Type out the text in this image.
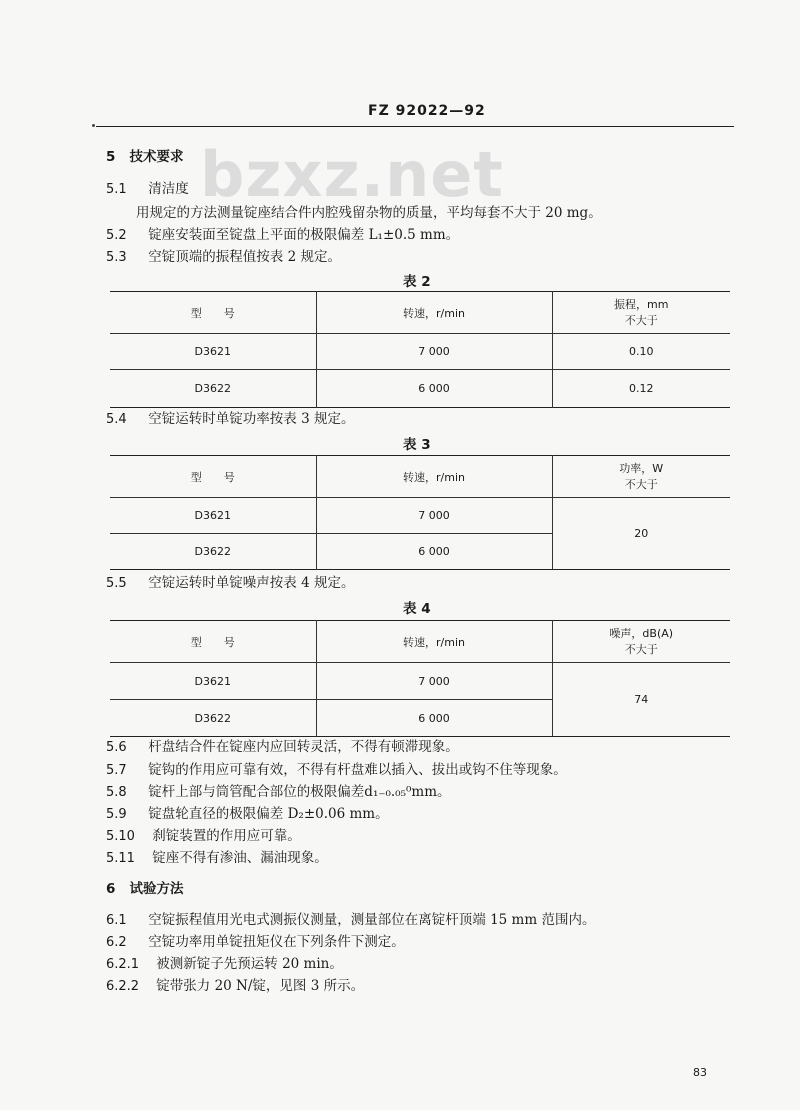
FZ 92022—92
bzxz.net
5 技术要求
5.1 清洁度
用规定的方法测量锭座结合件内腔残留杂物的质量，平均每套不大于 20 mg。
5.2 锭座安装面至锭盘上平面的极限偏差 L₁±0.5 mm。
5.3 空锭顶端的振程值按表 2 规定。
表 2
型　　号	转速，r/min	振程，mm
不大于

D3621	7 000	0.10
D3622	6 000	0.12
5.4 空锭运转时单锭功率按表 3 规定。
表 3
型　　号	转速，r/min	功率，W
不大于

D3621	7 000	20
D3622	6 000	
5.5 空锭运转时单锭噪声按表 4 规定。
表 4
型　　号	转速，r/min	噪声，dB(A)
不大于

D3621	7 000	74
D3622	6 000	
5.6 杆盘结合件在锭座内应回转灵活，不得有顿滞现象。
5.7 锭钩的作用应可靠有效，不得有杆盘难以插入、拔出或钩不住等现象。
5.8 锭杆上部与筒管配合部位的极限偏差d₁₋₀.₀₅⁰mm。
5.9 锭盘轮直径的极限偏差 D₂±0.06 mm。
5.10 刹锭装置的作用应可靠。
5.11 锭座不得有渗油、漏油现象。
6 试验方法
6.1 空锭振程值用光电式测振仪测量，测量部位在离锭杆顶端 15 mm 范围内。
6.2 空锭功率用单锭扭矩仪在下列条件下测定。
6.2.1 被测新锭子先预运转 20 min。
6.2.2 锭带张力 20 N/锭，见图 3 所示。
83
